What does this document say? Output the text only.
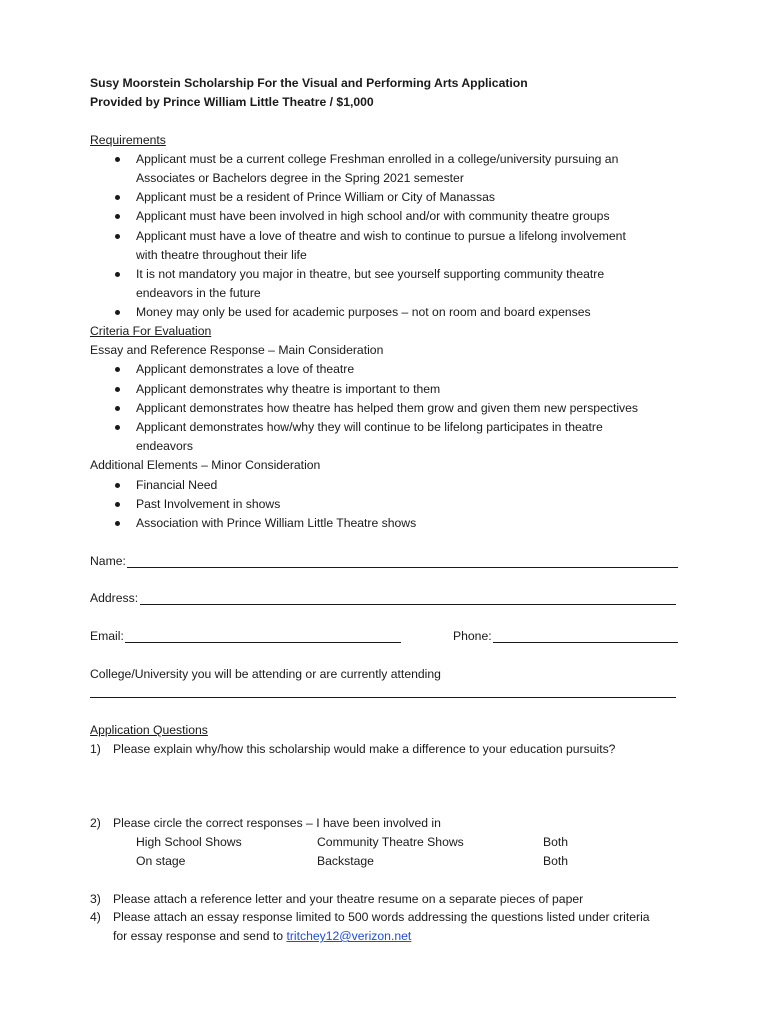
Susy Moorstein Scholarship For the Visual and Performing Arts Application
Provided by Prince William Little Theatre / $1,000
Requirements
Applicant must be a current college Freshman enrolled in a college/university pursuing an
Associates or Bachelors degree in the Spring 2021 semester
Applicant must be a resident of Prince William or City of Manassas
Applicant must have been involved in high school and/or with community theatre groups
Applicant must have a love of theatre and wish to continue to pursue a lifelong involvement
with theatre throughout their life
It is not mandatory you major in theatre, but see yourself supporting community theatre
endeavors in the future
Money may only be used for academic purposes – not on room and board expenses
Criteria For Evaluation
Essay and Reference Response – Main Consideration
Applicant demonstrates a love of theatre
Applicant demonstrates why theatre is important to them
Applicant demonstrates how theatre has helped them grow and given them new perspectives
Applicant demonstrates how/why they will continue to be lifelong participates in theatre
endeavors
Additional Elements – Minor Consideration
Financial Need
Past Involvement in shows
Association with Prince William Little Theatre shows
Name:
Address:
Email:	Phone:
College/University you will be attending or are currently attending
Application Questions
1) Please explain why/how this scholarship would make a difference to your education pursuits?
2) Please circle the correct responses – I have been involved in
High School Shows	Community Theatre Shows	Both
On stage	Backstage	Both
3) Please attach a reference letter and your theatre resume on a separate pieces of paper
4) Please attach an essay response limited to 500 words addressing the questions listed under criteria
for essay response and send to tritchey12@verizon.net
